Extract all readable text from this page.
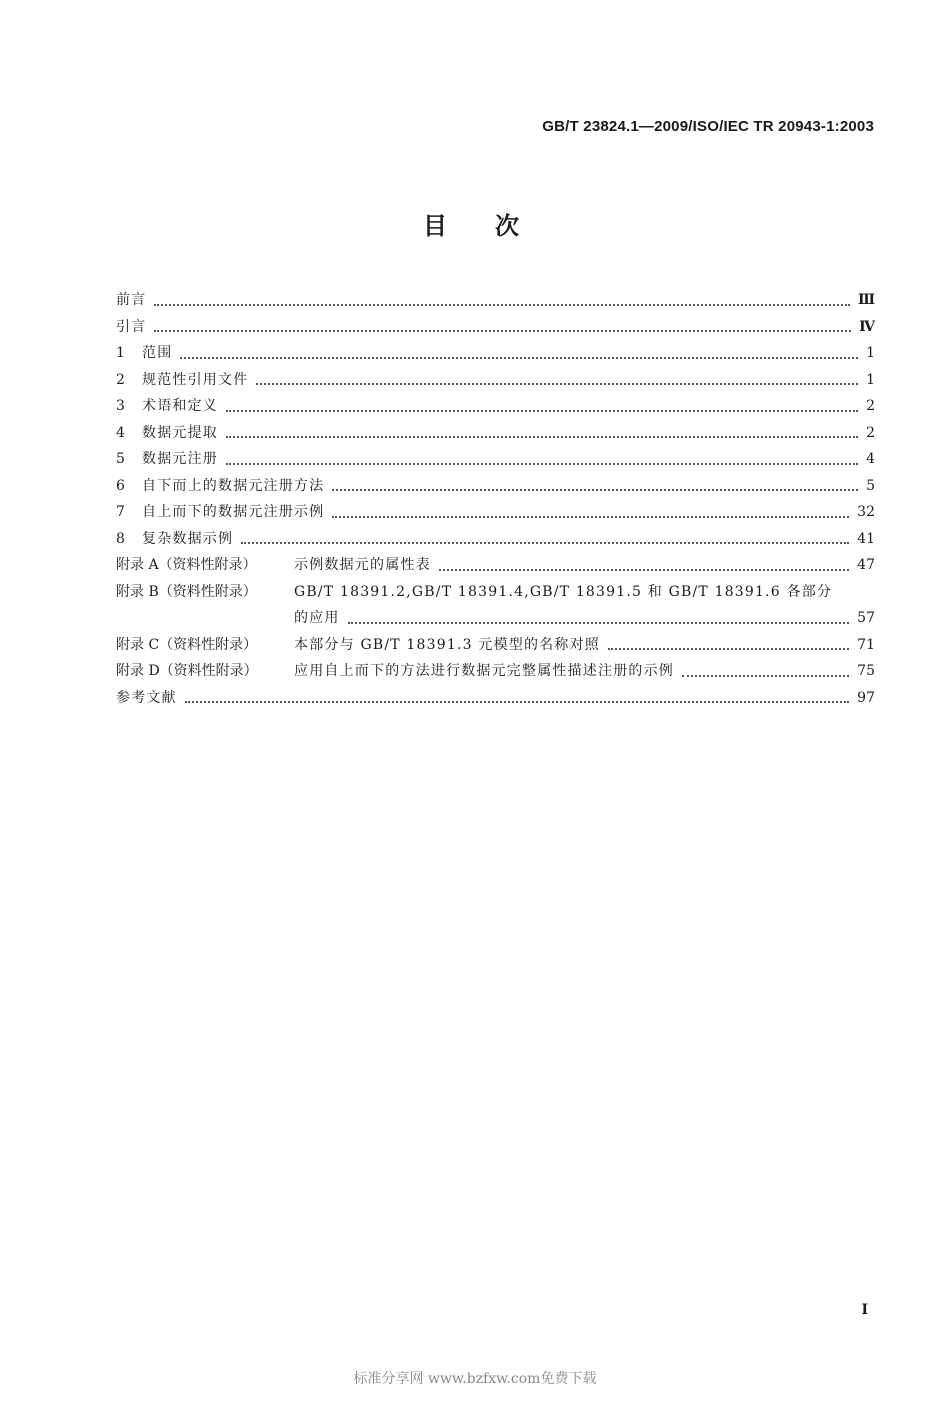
GB/T 23824.1—2009/ISO/IEC TR 20943-1:2003
目次
前言	Ⅲ
引言	Ⅳ
1 范围	1
2 规范性引用文件	1
3 术语和定义	2
4 数据元提取	2
5 数据元注册	4
6 自下而上的数据元注册方法	5
7 自上而下的数据元注册示例	32
8 复杂数据示例	41
附录 A（资料性附录）	示例数据元的属性表	47
附录 B（资料性附录）	GB/T 18391.2,GB/T 18391.4,GB/T 18391.5 和 GB/T 18391.6 各部分
的应用	57
附录 C（资料性附录）	本部分与 GB/T 18391.3 元模型的名称对照	71
附录 D（资料性附录）	应用自上而下的方法进行数据元完整属性描述注册的示例	75
参考文献	97
I
标准分享网 www.bzfxw.com免费下载
